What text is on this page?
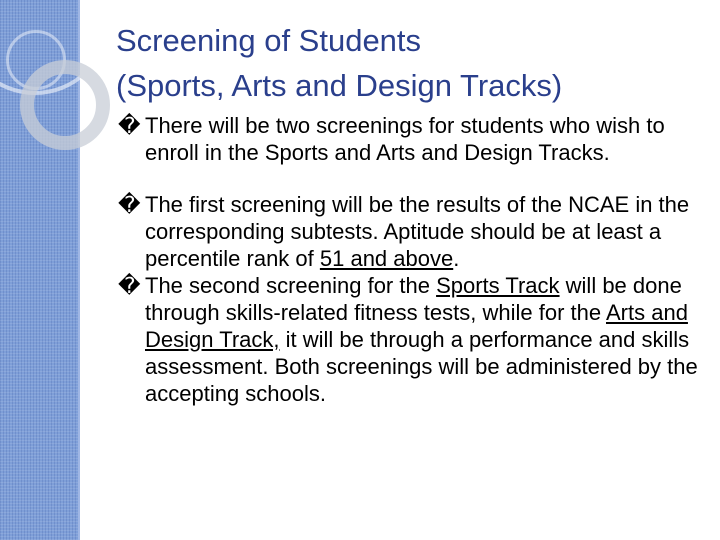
Screening of Students
(Sports, Arts and Design Tracks)
� There will be two screenings for students who wish to enroll in the Sports and Arts and Design Tracks.
� The first screening will be the results of the NCAE in the corresponding subtests. Aptitude should be at least a percentile rank of 51 and above.
� The second screening for the Sports Track will be done through skills-related fitness tests, while for the Arts and Design Track, it will be through a performance and skills assessment. Both screenings will be administered by the accepting schools.
